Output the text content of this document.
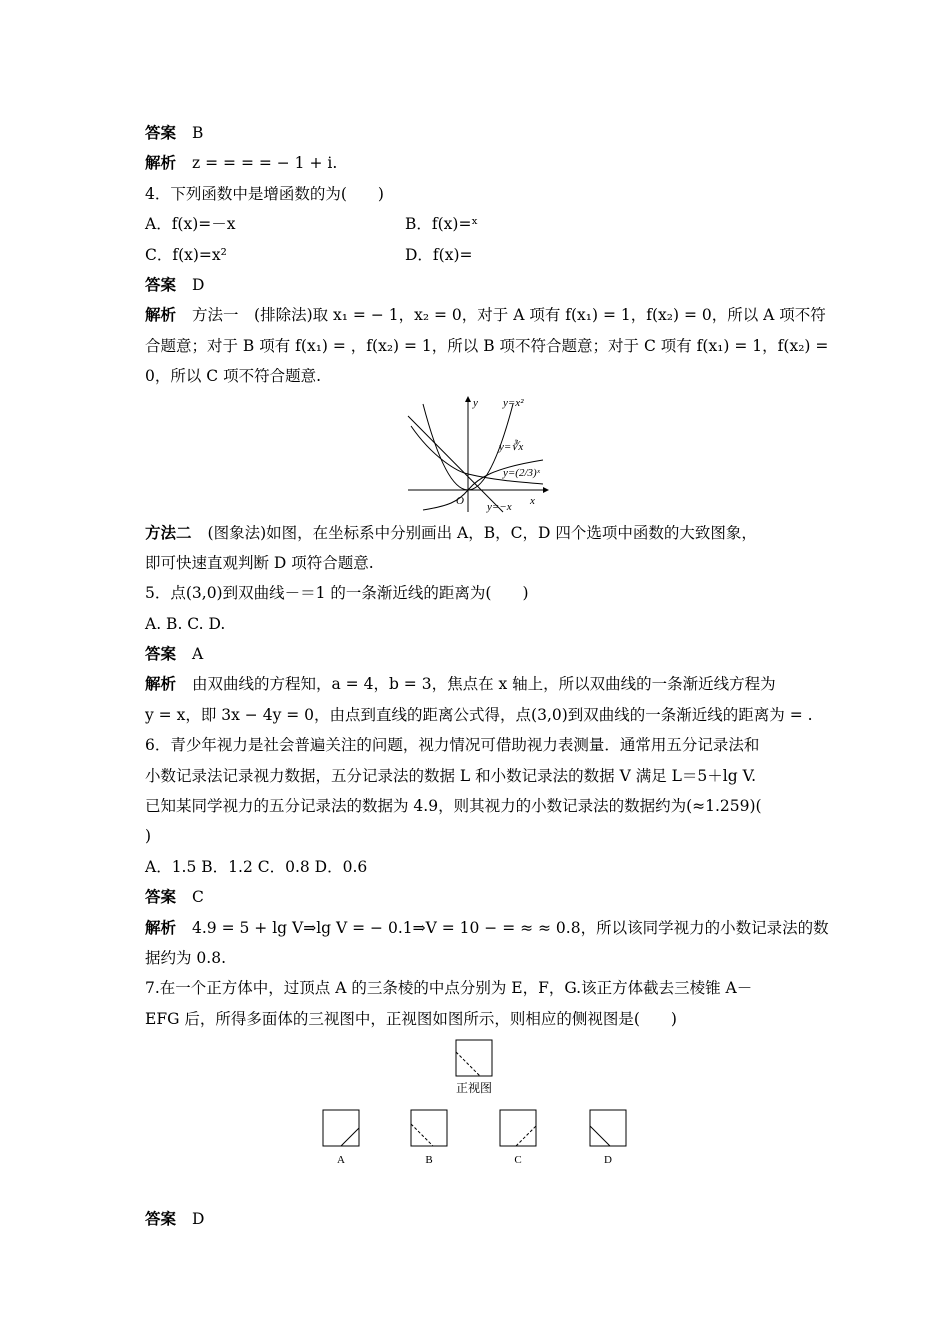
答案 B
解析 z = = = = − 1 + i.
4．下列函数中是增函数的为(　　)
A．f(x)=－x	B．f(x)=ˣ
C．f(x)=x²	D．f(x)=
答案 D
解析 方法一　(排除法)取 x₁ = − 1，x₂ = 0，对于 A 项有 f(x₁) = 1，f(x₂) = 0，所以 A 项不符
合题意；对于 B 项有 f(x₁) = ，f(x₂) = 1，所以 B 项不符合题意；对于 C 项有 f(x₁) = 1，f(x₂) =
0，所以 C 项不符合题意.
y
x
O
y=x²
y=∛x
y=(2/3)ˣ
y=−x
方法二 (图象法)如图，在坐标系中分别画出 A，B，C，D 四个选项中函数的大致图象，
即可快速直观判断 D 项符合题意.
5．点(3,0)到双曲线－＝1 的一条渐近线的距离为(　　)
A. B. C. D.
答案 A
解析 由双曲线的方程知，a = 4，b = 3，焦点在 x 轴上，所以双曲线的一条渐近线方程为
y = x，即 3x − 4y = 0，由点到直线的距离公式得，点(3,0)到双曲线的一条渐近线的距离为 = .
6．青少年视力是社会普遍关注的问题，视力情况可借助视力表测量．通常用五分记录法和
小数记录法记录视力数据，五分记录法的数据 L 和小数记录法的数据 V 满足 L＝5＋lg V.
已知某同学视力的五分记录法的数据为 4.9，则其视力的小数记录法的数据约为(≈1.259)(
)
A．1.5 B．1.2 C．0.8 D．0.6
答案 C
解析 4.9 = 5 + lg V⇒lg V = − 0.1⇒V = 10 − = ≈ ≈ 0.8，所以该同学视力的小数记录法的数
据约为 0.8.
7.在一个正方体中，过顶点 A 的三条棱的中点分别为 E，F，G.该正方体截去三棱锥 A－
EFG 后，所得多面体的三视图中，正视图如图所示，则相应的侧视图是(　　)
正视图
A	B	C	D
答案 D
